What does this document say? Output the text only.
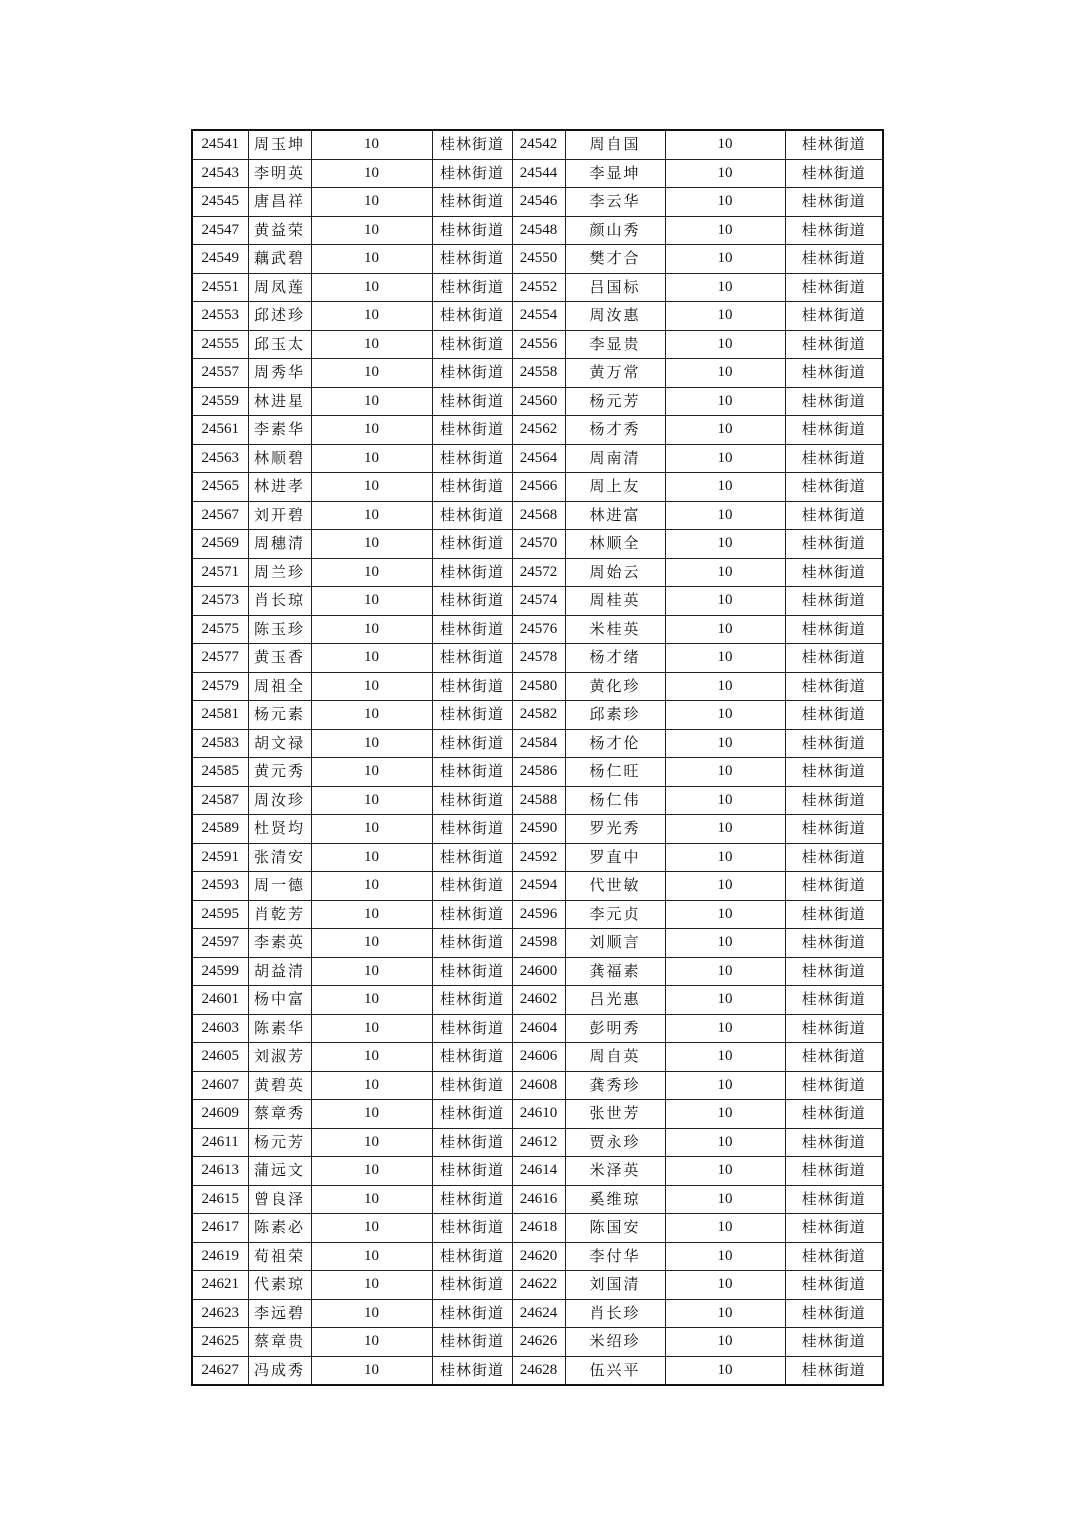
24541	周玉坤	10	桂林街道	24542	周自国	10	桂林街道
24543	李明英	10	桂林街道	24544	李显坤	10	桂林街道
24545	唐昌祥	10	桂林街道	24546	李云华	10	桂林街道
24547	黄益荣	10	桂林街道	24548	颜山秀	10	桂林街道
24549	藕武碧	10	桂林街道	24550	樊才合	10	桂林街道
24551	周凤莲	10	桂林街道	24552	吕国标	10	桂林街道
24553	邱述珍	10	桂林街道	24554	周汝惠	10	桂林街道
24555	邱玉太	10	桂林街道	24556	李显贵	10	桂林街道
24557	周秀华	10	桂林街道	24558	黄万常	10	桂林街道
24559	林进星	10	桂林街道	24560	杨元芳	10	桂林街道
24561	李素华	10	桂林街道	24562	杨才秀	10	桂林街道
24563	林顺碧	10	桂林街道	24564	周南清	10	桂林街道
24565	林进孝	10	桂林街道	24566	周上友	10	桂林街道
24567	刘开碧	10	桂林街道	24568	林进富	10	桂林街道
24569	周穗清	10	桂林街道	24570	林顺全	10	桂林街道
24571	周兰珍	10	桂林街道	24572	周始云	10	桂林街道
24573	肖长琼	10	桂林街道	24574	周桂英	10	桂林街道
24575	陈玉珍	10	桂林街道	24576	米桂英	10	桂林街道
24577	黄玉香	10	桂林街道	24578	杨才绪	10	桂林街道
24579	周祖全	10	桂林街道	24580	黄化珍	10	桂林街道
24581	杨元素	10	桂林街道	24582	邱素珍	10	桂林街道
24583	胡文禄	10	桂林街道	24584	杨才伦	10	桂林街道
24585	黄元秀	10	桂林街道	24586	杨仁旺	10	桂林街道
24587	周汝珍	10	桂林街道	24588	杨仁伟	10	桂林街道
24589	杜贤均	10	桂林街道	24590	罗光秀	10	桂林街道
24591	张清安	10	桂林街道	24592	罗直中	10	桂林街道
24593	周一德	10	桂林街道	24594	代世敏	10	桂林街道
24595	肖乾芳	10	桂林街道	24596	李元贞	10	桂林街道
24597	李素英	10	桂林街道	24598	刘顺言	10	桂林街道
24599	胡益清	10	桂林街道	24600	龚福素	10	桂林街道
24601	杨中富	10	桂林街道	24602	吕光惠	10	桂林街道
24603	陈素华	10	桂林街道	24604	彭明秀	10	桂林街道
24605	刘淑芳	10	桂林街道	24606	周自英	10	桂林街道
24607	黄碧英	10	桂林街道	24608	龚秀珍	10	桂林街道
24609	蔡章秀	10	桂林街道	24610	张世芳	10	桂林街道
24611	杨元芳	10	桂林街道	24612	贾永珍	10	桂林街道
24613	蒲远文	10	桂林街道	24614	米泽英	10	桂林街道
24615	曾良泽	10	桂林街道	24616	奚维琼	10	桂林街道
24617	陈素必	10	桂林街道	24618	陈国安	10	桂林街道
24619	荀祖荣	10	桂林街道	24620	李付华	10	桂林街道
24621	代素琼	10	桂林街道	24622	刘国清	10	桂林街道
24623	李远碧	10	桂林街道	24624	肖长珍	10	桂林街道
24625	蔡章贵	10	桂林街道	24626	米绍珍	10	桂林街道
24627	冯成秀	10	桂林街道	24628	伍兴平	10	桂林街道
